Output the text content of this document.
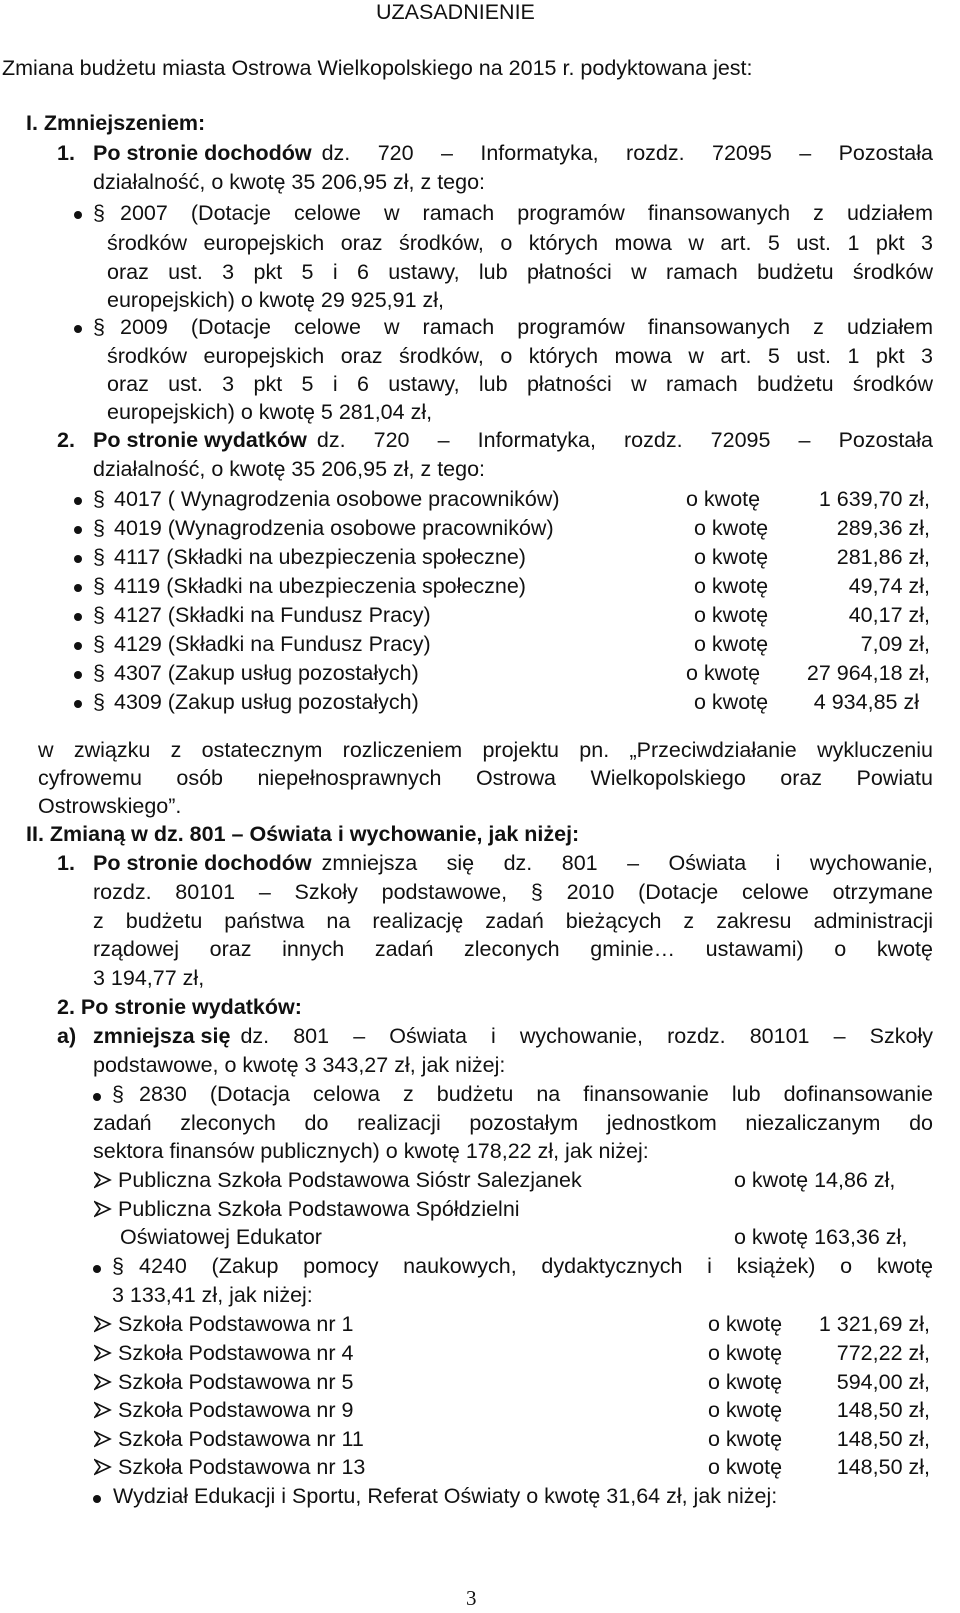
UZASADNIENIE
Zmiana budżetu miasta Ostrowa Wielkopolskiego na 2015 r. podyktowana jest:
I. Zmniejszeniem:
1. Po stronie dochodów dz. 720 – Informatyka, rozdz. 72095 – Pozostała
działalność, o kwotę 35 206,95 zł, z tego:
§ 2007 (Dotacje celowe w ramach programów finansowanych z udziałem
środków europejskich oraz środków, o których mowa w art. 5 ust. 1 pkt 3
oraz ust. 3 pkt 5 i 6 ustawy, lub płatności w ramach budżetu środków
europejskich) o kwotę 29 925,91 zł,
§ 2009 (Dotacje celowe w ramach programów finansowanych z udziałem
środków europejskich oraz środków, o których mowa w art. 5 ust. 1 pkt 3
oraz ust. 3 pkt 5 i 6 ustawy, lub płatności w ramach budżetu środków
europejskich) o kwotę 5 281,04 zł,
2. Po stronie wydatków dz. 720 – Informatyka, rozdz. 72095 – Pozostała
działalność, o kwotę 35 206,95 zł, z tego:
§ 4017 ( Wynagrodzenia osobowe pracowników)	o kwotę	1 639,70 zł,
§ 4019 (Wynagrodzenia osobowe pracowników)	o kwotę	289,36 zł,
§ 4117 (Składki na ubezpieczenia społeczne)	o kwotę	281,86 zł,
§ 4119 (Składki na ubezpieczenia społeczne)	o kwotę	49,74 zł,
§ 4127 (Składki na Fundusz Pracy)	o kwotę	40,17 zł,
§ 4129 (Składki na Fundusz Pracy)	o kwotę	7,09 zł,
§ 4307 (Zakup usług pozostałych)	o kwotę 27 964,18 zł,
§ 4309 (Zakup usług pozostałych)	o kwotę 4 934,85 zł
w związku z ostatecznym rozliczeniem projektu pn. „Przeciwdziałanie wykluczeniu
cyfrowemu osób niepełnosprawnych Ostrowa Wielkopolskiego oraz Powiatu
Ostrowskiego”.
II. Zmianą w dz. 801 – Oświata i wychowanie, jak niżej:
1. Po stronie dochodów zmniejsza się dz. 801 – Oświata i wychowanie,
rozdz. 80101 – Szkoły podstawowe, § 2010 (Dotacje celowe otrzymane
z budżetu państwa na realizację zadań bieżących z zakresu administracji
rządowej oraz innych zadań zleconych gminie… ustawami) o kwotę
3 194,77 zł,
2. Po stronie wydatków:
a) zmniejsza się dz. 801 – Oświata i wychowanie, rozdz. 80101 – Szkoły
podstawowe, o kwotę 3 343,27 zł, jak niżej:
§ 2830 (Dotacja celowa z budżetu na finansowanie lub dofinansowanie
zadań zleconych do realizacji pozostałym jednostkom niezaliczanym do
sektora finansów publicznych) o kwotę 178,22 zł, jak niżej:
Publiczna Szkoła Podstawowa Sióstr Salezjanek	o kwotę 14,86 zł,
Publiczna Szkoła Podstawowa Spółdzielni
Oświatowej Edukator	o kwotę 163,36 zł,
§ 4240 (Zakup pomocy naukowych, dydaktycznych i książek) o kwotę
3 133,41 zł, jak niżej:
Szkoła Podstawowa nr 1	o kwotę 1 321,69 zł,
Szkoła Podstawowa nr 4	o kwotę	772,22 zł,
Szkoła Podstawowa nr 5	o kwotę	594,00 zł,
Szkoła Podstawowa nr 9	o kwotę	148,50 zł,
Szkoła Podstawowa nr 11	o kwotę	148,50 zł,
Szkoła Podstawowa nr 13	o kwotę	148,50 zł,
Wydział Edukacji i Sportu, Referat Oświaty o kwotę 31,64 zł, jak niżej:
3
